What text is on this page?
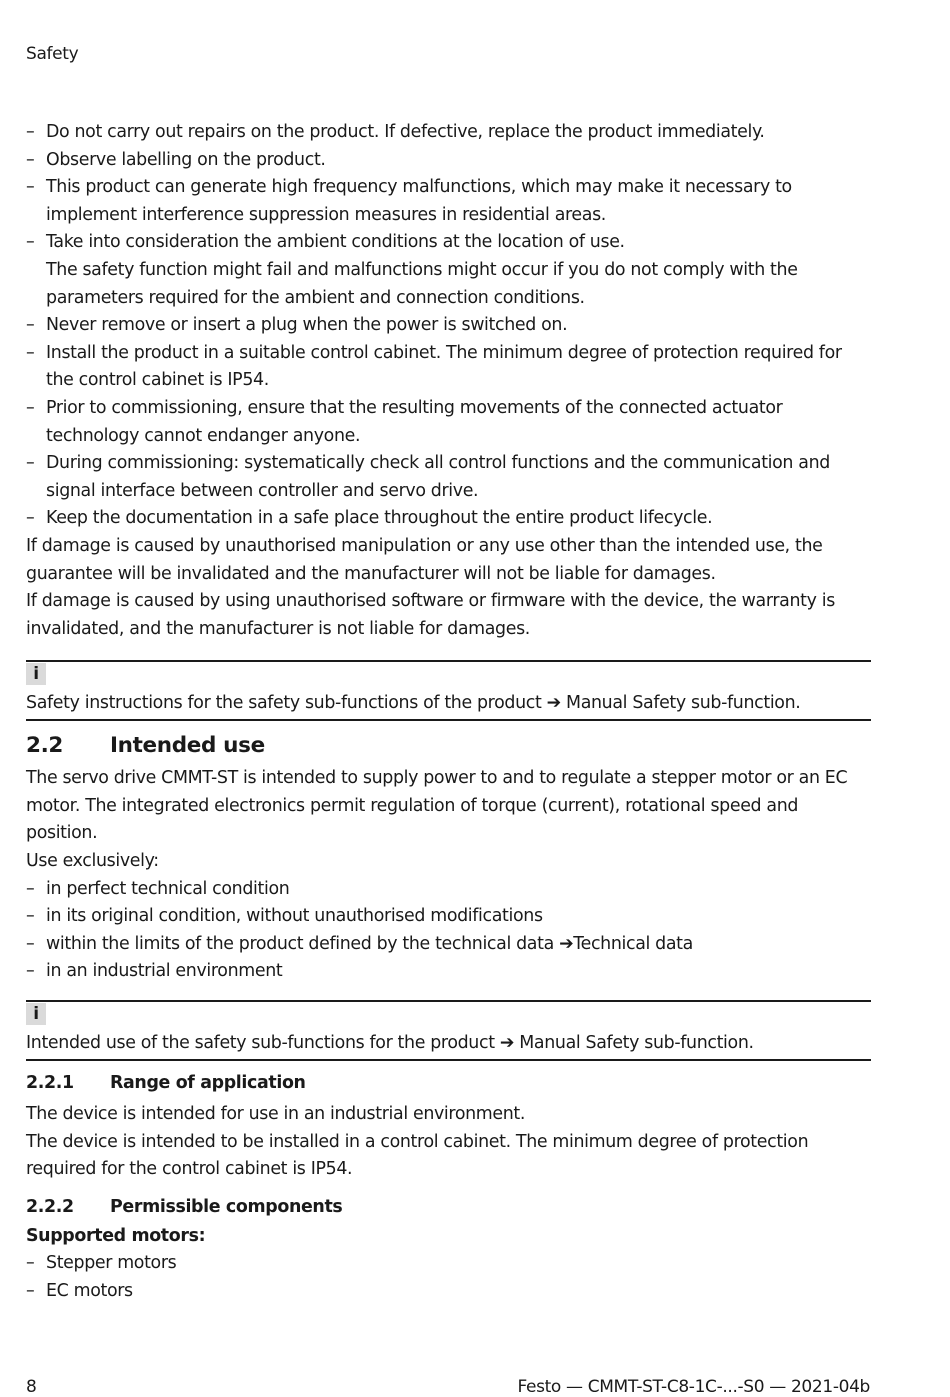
Safety
– Do not carry out repairs on the product. If defective, replace the product immediately.
– Observe labelling on the product.
– This product can generate high frequency malfunctions, which may make it necessary to implement interference suppression measures in residential areas.
– Take into consideration the ambient conditions at the location of use.
The safety function might fail and malfunctions might occur if you do not comply with the parameters required for the ambient and connection conditions.
– Never remove or insert a plug when the power is switched on.
– Install the product in a suitable control cabinet. The minimum degree of protection required for the control cabinet is IP54.
– Prior to commissioning, ensure that the resulting movements of the connected actuator technology cannot endanger anyone.
– During commissioning: systematically check all control functions and the communication and signal interface between controller and servo drive.
– Keep the documentation in a safe place throughout the entire product lifecycle.

If damage is caused by unauthorised manipulation or any use other than the intended use, the guarantee will be invalidated and the manufacturer will not be liable for damages.

If damage is caused by using unauthorised software or firmware with the device, the warranty is invalidated, and the manufacturer is not liable for damages.

i

Safety instructions for the safety sub-functions of the product ➔ Manual Safety sub-function.

2.2 Intended use

The servo drive CMMT-ST is intended to supply power to and to regulate a stepper motor or an EC motor. The integrated electronics permit regulation of torque (current), rotational speed and position.

Use exclusively:

– in perfect technical condition
– in its original condition, without unauthorised modifications
– within the limits of the product defined by the technical data ➔Technical data
– in an industrial environment
i

Intended use of the safety sub-functions for the product ➔ Manual Safety sub-function.

2.2.1 Range of application

The device is intended for use in an industrial environment.

The device is intended to be installed in a control cabinet. The minimum degree of protection required for the control cabinet is IP54.

2.2.2 Permissible components

Supported motors:

– Stepper motors
– EC motors
8	Festo — CMMT-ST-C8-1C-...-S0 — 2021-04b
